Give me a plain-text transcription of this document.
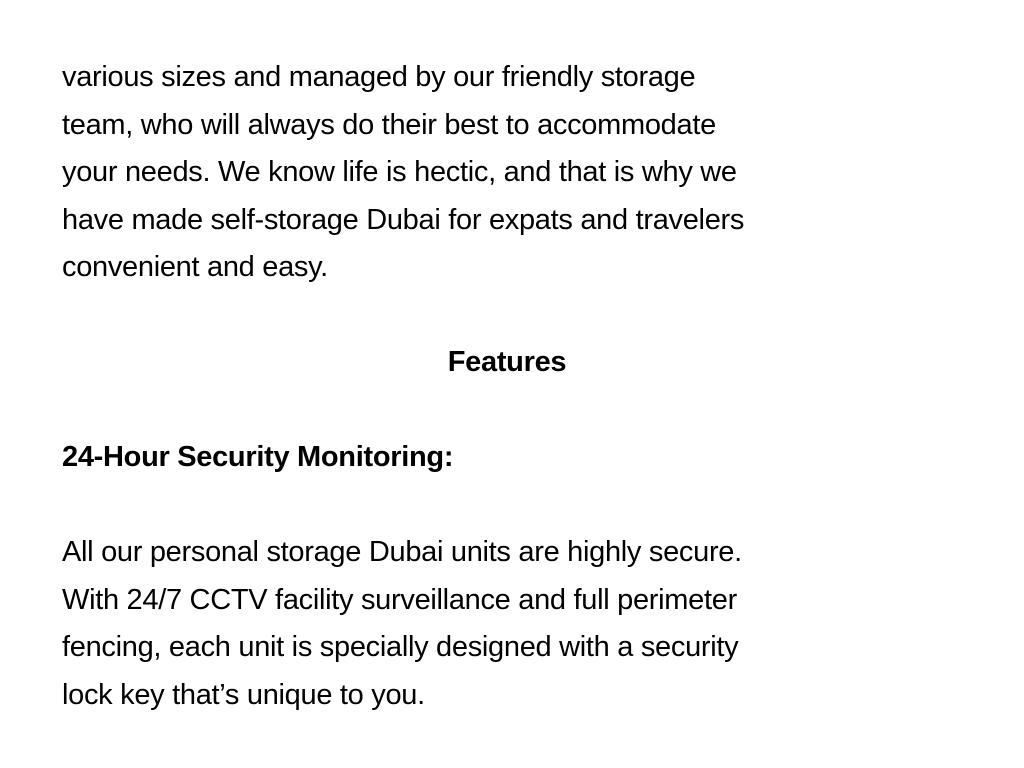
various sizes and managed by our friendly storage
team, who will always do their best to accommodate
your needs. We know life is hectic, and that is why we
have made self-storage Dubai for expats and travelers
convenient and easy.
Features
24-Hour Security Monitoring:
All our personal storage Dubai units are highly secure.
With 24/7 CCTV facility surveillance and full perimeter
fencing, each unit is specially designed with a security
lock key that’s unique to you.
